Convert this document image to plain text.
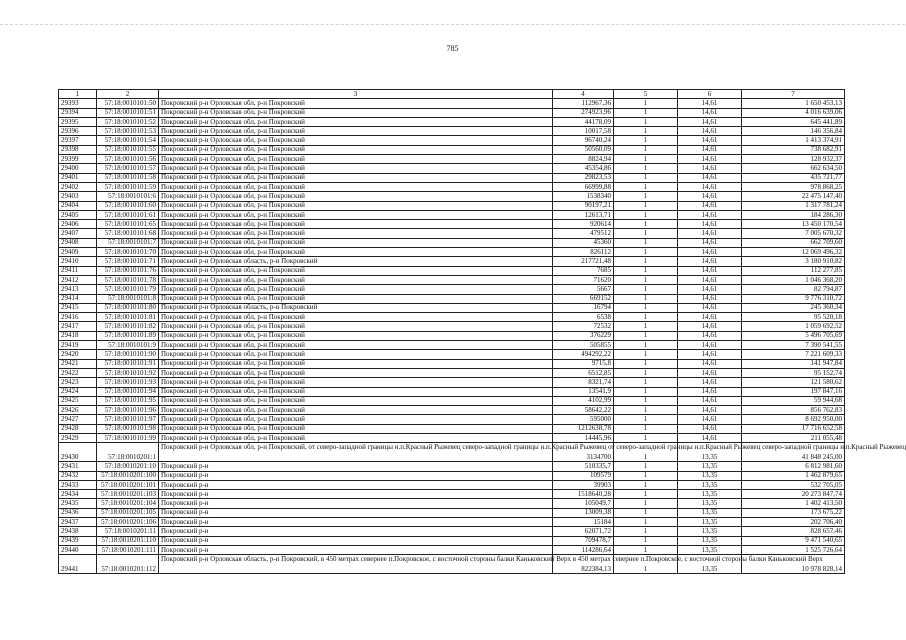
785
1	2	3	4	5	6	7
29393	57:18:0010101:50	Покровский р-н Орловская обл, р-н Покровский	112967,36	1	14,61	1 650 453,13
29394	57:18:0010101:51	Покровский р-н Орловская обл, р-н Покровский	274923,96	1	14,61	4 016 639,06
29395	57:18:0010101:52	Покровский р-н Орловская обл, р-н Покровский	44178,09	1	14,61	645 441,89
29396	57:18:0010101:53	Покровский р-н Орловская обл, р-н Покровский	10017,58	1	14,61	146 356,84
29397	57:18:0010101:54	Покровский р-н Орловская обл, р-н Покровский	96740,24	1	14,61	1 413 374,91
29398	57:18:0010101:55	Покровский р-н Орловская обл, р-н Покровский	50560,09	1	14,61	738 682,91
29399	57:18:0010101:56	Покровский р-н Орловская обл, р-н Покровский	8824,94	1	14,61	128 932,37
29400	57:18:0010101:57	Покровский р-н Орловская обл, р-н Покровский	45354,86	1	14,61	662 634,50
29401	57:18:0010101:58	Покровский р-н Орловская обл, р-н Покровский	29823,53	1	14,61	435 721,77
29402	57:18:0010101:59	Покровский р-н Орловская обл, р-н Покровский	66999,88	1	14,61	978 868,25
29403	57:18:0010101:6	Покровский р-н Орловская обл, р-н Покровский	1538340	1	14,61	22 475 147,40
29404	57:18:0010101:60	Покровский р-н Орловская обл, р-н Покровский	90197,21	1	14,61	1 317 781,24
29405	57:18:0010101:61	Покровский р-н Орловская обл, р-н Покровский	12613,71	1	14,61	184 286,30
29406	57:18:0010101:65	Покровский р-н Орловская обл, р-н Покровский	920614	1	14,61	13 450 170,54
29407	57:18:0010101:68	Покровский р-н Орловская обл, р-н Покровский	479512	1	14,61	7 005 670,32
29408	57:18:0010101:7	Покровский р-н Орловская обл, р-н Покровский	45360	1	14,61	662 709,60
29409	57:18:0010101:70	Покровский р-н Орловская обл, р-н Покровский	826112	1	14,61	12 069 496,32
29410	57:18:0010101:71	Покровский р-н Орловская область, р-н Покровский	217721,48	1	14,61	3 180 910,82
29411	57:18:0010101:76	Покровский р-н Орловская обл, р-н Покровский	7685	1	14,61	112 277,85
29412	57:18:0010101:78	Покровский р-н Орловская обл, р-н Покровский	71620	1	14,61	1 046 368,20
29413	57:18:0010101:79	Покровский р-н Орловская обл, р-н Покровский	5667	1	14,61	82 794,87
29414	57:18:0010101:8	Покровский р-н Орловская обл, р-н Покровский	669152	1	14,61	9 776 310,72
29415	57:18:0010101:80	Покровский р-н Орловская область, р-н Покровский	16794	1	14,61	245 360,34
29416	57:18:0010101:81	Покровский р-н Орловская обл, р-н Покровский	6538	1	14,61	95 520,18
29417	57:18:0010101:82	Покровский р-н Орловская обл, р-н Покровский	72532	1	14,61	1 059 692,52
29418	57:18:0010101:89	Покровский р-н Орловская обл, р-н Покровский	376229	1	14,61	5 496 705,69
29419	57:18:0010101:9	Покровский р-н Орловская обл, р-н Покровский	505855	1	14,61	7 390 541,55
29420	57:18:0010101:90	Покровский р-н Орловская обл, р-н Покровский	494292,22	1	14,61	7 221 609,33
29421	57:18:0010101:91	Покровский р-н Орловская обл, р-н Покровский	9715,8	1	14,61	141 947,84
29422	57:18:0010101:92	Покровский р-н Орловская обл, р-н Покровский	6512,85	1	14,61	95 152,74
29423	57:18:0010101:93	Покровский р-н Орловская обл, р-н Покровский	8321,74	1	14,61	121 580,62
29424	57:18:0010101:94	Покровский р-н Орловская обл, р-н Покровский	13541,9	1	14,61	197 847,16
29425	57:18:0010101:95	Покровский р-н Орловская обл, р-н Покровский	4102,99	1	14,61	59 944,68
29426	57:18:0010101:96	Покровский р-н Орловская обл, р-н Покровский	58642,22	1	14,61	856 762,83
29427	57:18:0010101:97	Покровский р-н Орловская обл, р-н Покровский	595000	1	14,61	8 692 950,00
29428	57:18:0010101:98	Покровский р-н Орловская обл, р-н Покровский	1212638,78	1	14,61	17 716 652,58
29429	57:18:0010101:99	Покровский р-н Орловская обл, р-н Покровский	14445,96	1	14,61	211 055,48
29430	57:18:0010201:1	Покровский р-н Орловская обл, р-н Покровский, от северо-западной границы н.п.Красный Рыжевец северо-западной границы н.п.Красный Рыжевец от северо-западной границы н.п.Красный Рыжевец северо-западной границы н.п.Красный Рыжевец	3134700	1	13,35	41 848 245,00
29431	57:18:0010201:10	Покровский р-н	510335,7	1	13,35	6 812 981,60
29432	57:18:0010201:100	Покровский р-н	109579	1	13,35	1 462 879,65
29433	57:18:0010201:101	Покровский р-н	39903	1	13,35	532 705,05
29434	57:18:0010201:103	Покровский р-н	1518640,28	1	13,35	20 273 847,74
29435	57:18:0010201:104	Покровский р-н	105049,7	1	13,35	1 402 413,50
29436	57:18:0010201:105	Покровский р-н	13009,38	1	13,35	173 675,22
29437	57:18:0010201:106	Покровский р-н	15184	1	13,35	202 706,40
29438	57:18:0010201:11	Покровский р-н	62071,72	1	13,35	828 657,46
29439	57:18:0010201:110	Покровский р-н	709478,7	1	13,35	9 471 540,65
29440	57:18:0010201:111	Покровский р-н	114286,64	1	13,35	1 525 726,64
29441	57:18:0010201:112	Покровский р-н Орловская область, р-н Покровский, в 450 метрах севернее п.Покровское, с восточной стороны балки Каньковский Верх в 450 метрах севернее п.Покровское, с восточной стороны балки Каньковский Верх	822384,13	1	13,35	10 978 828,14
